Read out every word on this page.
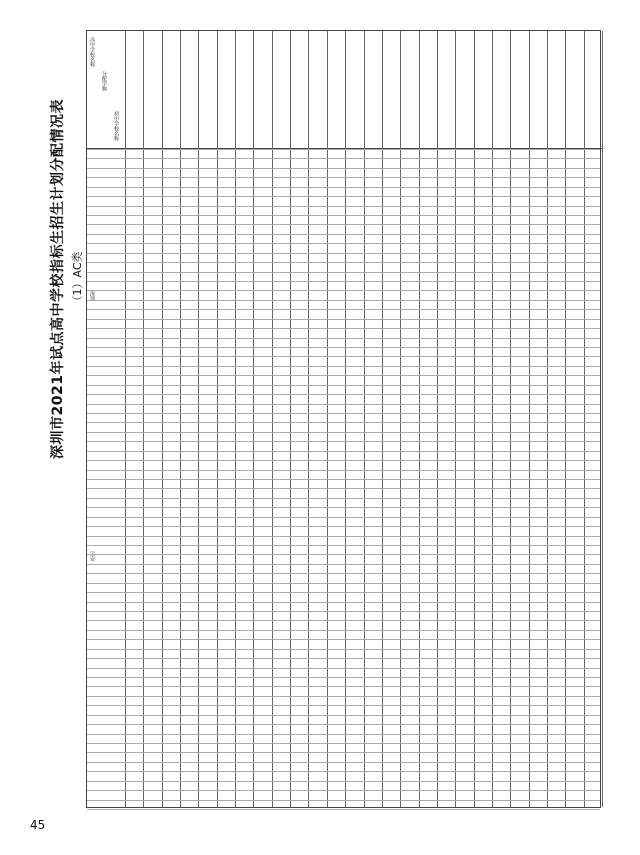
45
深圳市2021年试点高中学校指标生招生计划分配情况表 （1）AC类
高中学校名称
分配学额
初中学校名称
深圳
宝安
